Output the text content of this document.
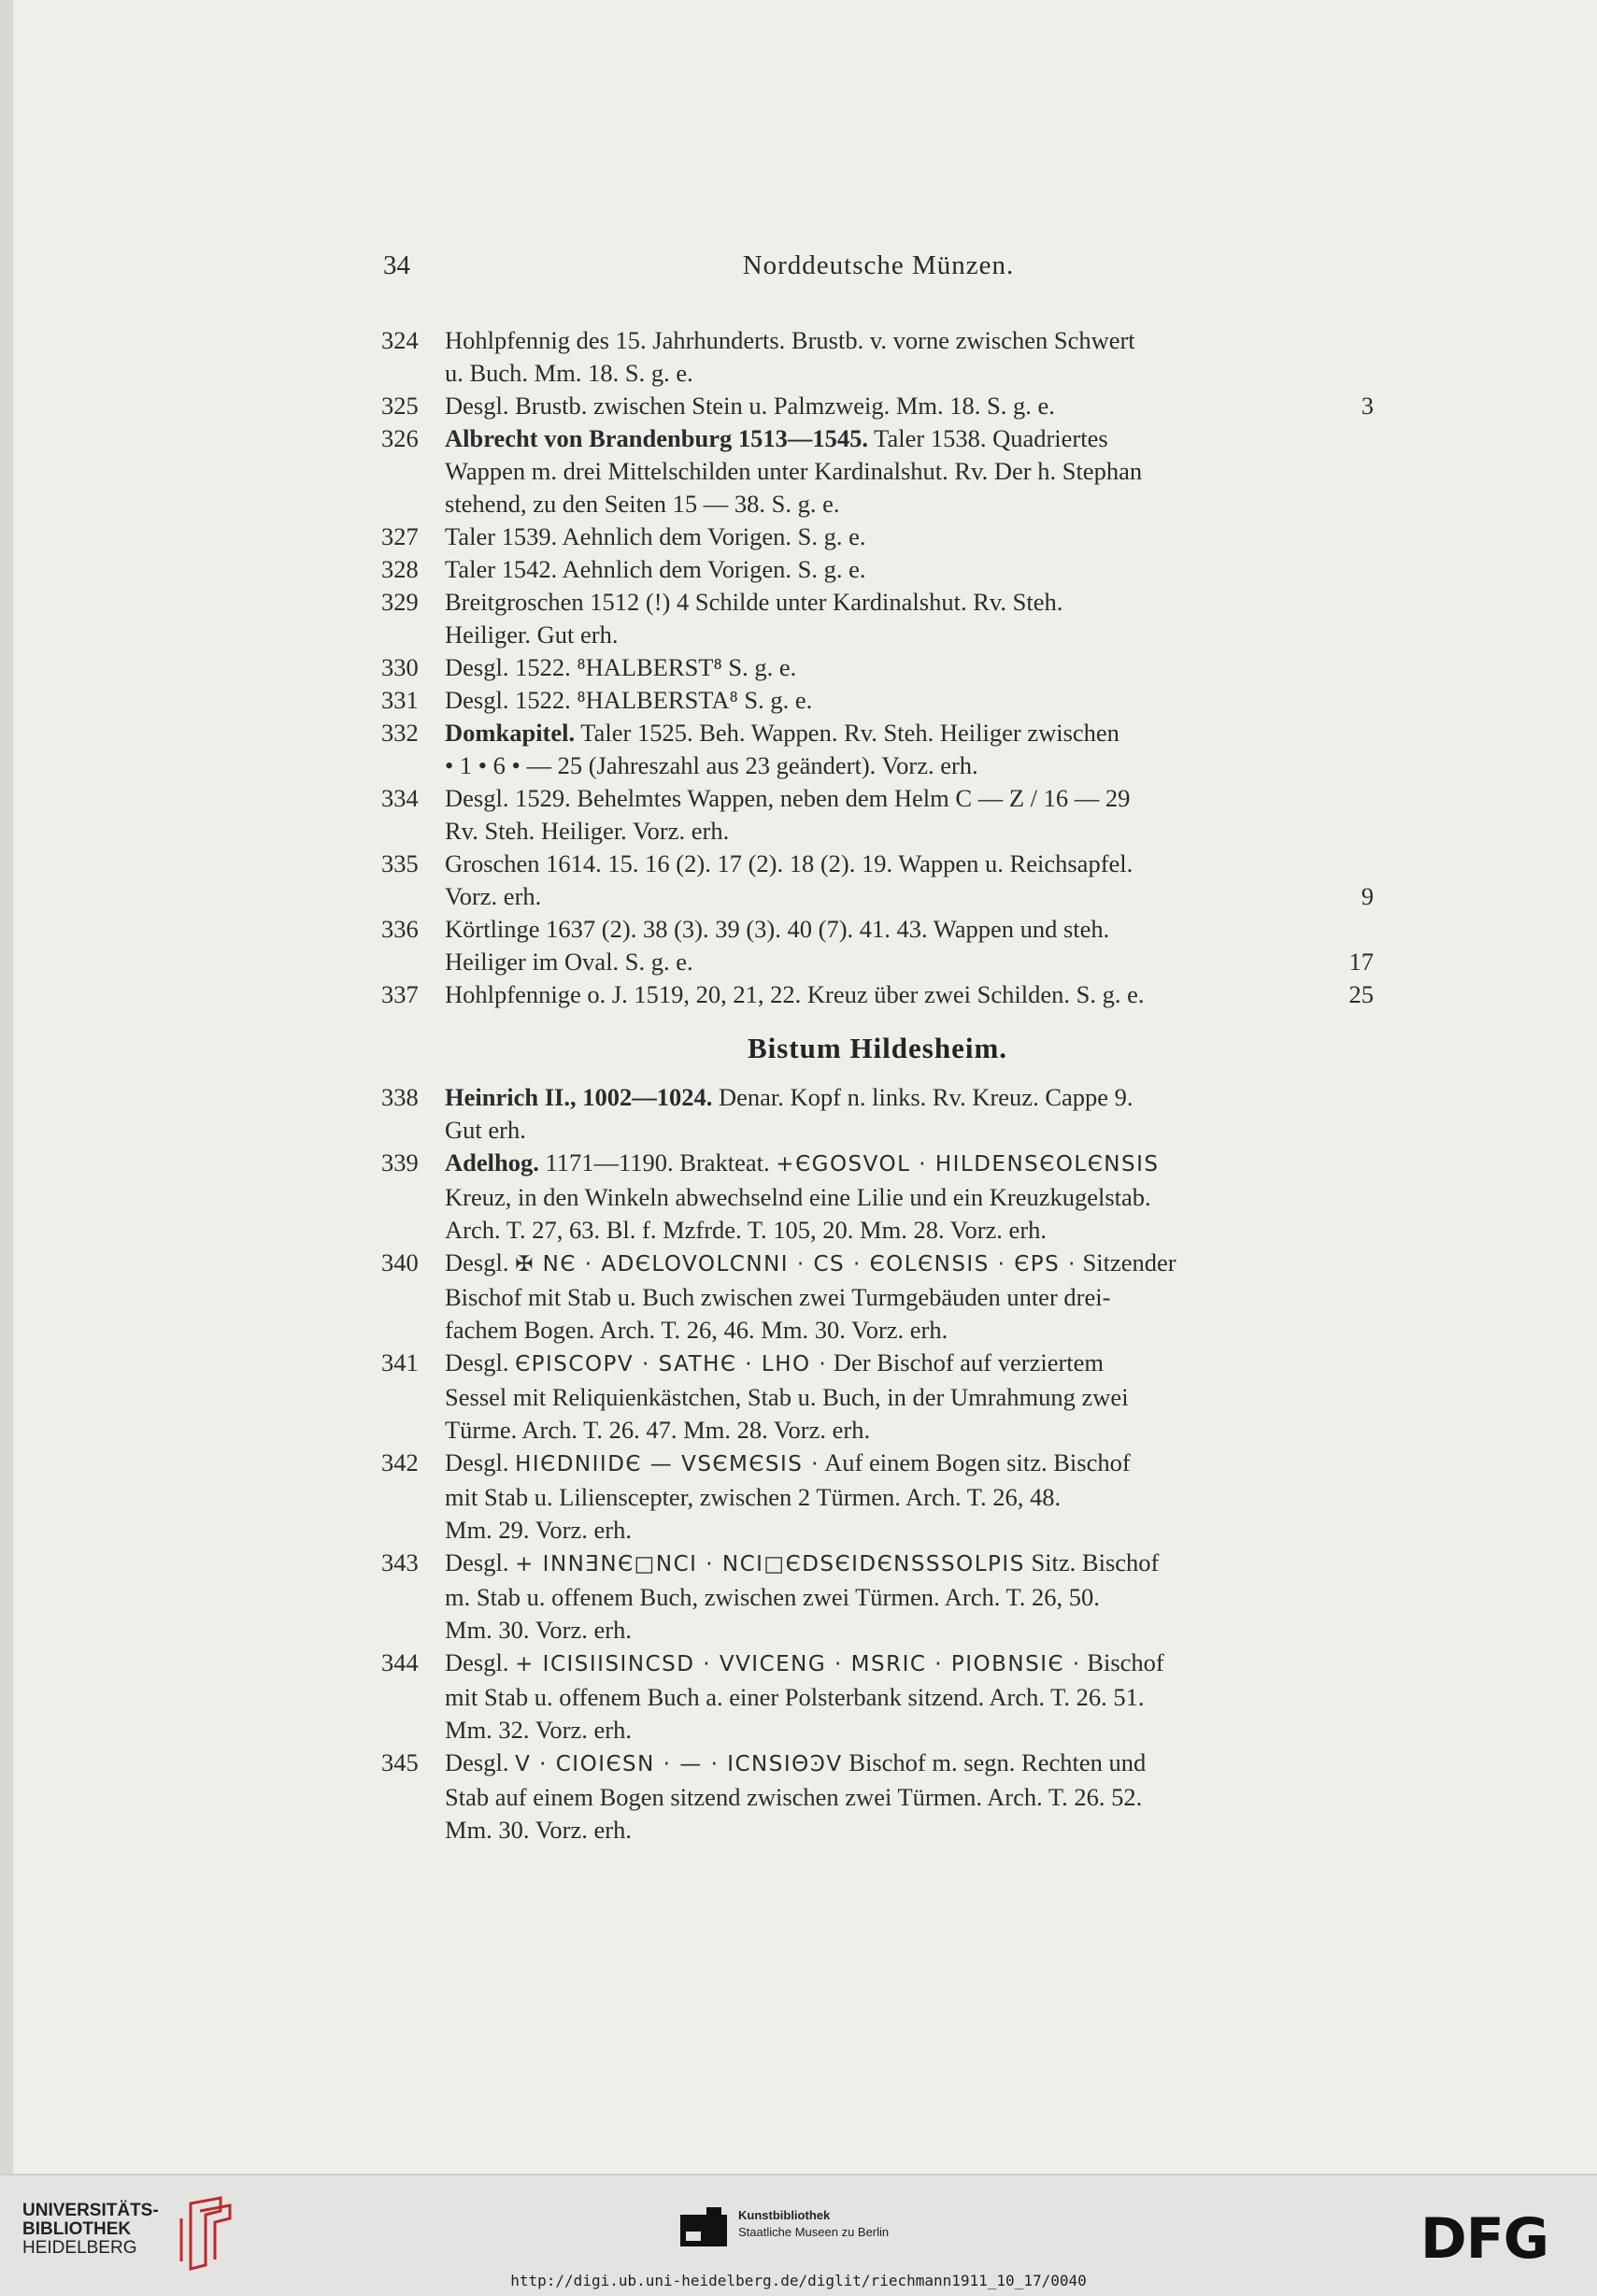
34	Norddeutsche Münzen.
324	Hohlpfennig des 15. Jahrhunderts. Brustb. v. vorne zwischen Schwert
u. Buch. Mm. 18. S. g. e.
325	Desgl. Brustb. zwischen Stein u. Palmzweig. Mm. 18. S. g. e.	3
326	Albrecht von Brandenburg 1513—1545. Taler 1538. Quadriertes
Wappen m. drei Mittelschilden unter Kardinalshut. Rv. Der h. Stephan
stehend, zu den Seiten 15 — 38. S. g. e.
327	Taler 1539. Aehnlich dem Vorigen. S. g. e.
328	Taler 1542. Aehnlich dem Vorigen. S. g. e.
329	Breitgroschen 1512 (!) 4 Schilde unter Kardinalshut. Rv. Steh.
Heiliger. Gut erh.
330	Desgl. 1522. ⁸HALBERST⁸ S. g. e.
331	Desgl. 1522. ⁸HALBERSTA⁸ S. g. e.
332	Domkapitel. Taler 1525. Beh. Wappen. Rv. Steh. Heiliger zwischen
• 1 • 6 • — 25 (Jahreszahl aus 23 geändert). Vorz. erh.
334	Desgl. 1529. Behelmtes Wappen, neben dem Helm C — Z / 16 — 29
Rv. Steh. Heiliger. Vorz. erh.
335	Groschen 1614. 15. 16 (2). 17 (2). 18 (2). 19. Wappen u. Reichsapfel.
Vorz. erh.	9
336	Körtlinge 1637 (2). 38 (3). 39 (3). 40 (7). 41. 43. Wappen und steh.
Heiliger im Oval. S. g. e.	17
337	Hohlpfennige o. J. 1519, 20, 21, 22. Kreuz über zwei Schilden. S. g. e.	25
Bistum Hildesheim.
338	Heinrich II., 1002—1024. Denar. Kopf n. links. Rv. Kreuz. Cappe 9.
Gut erh.
339	Adelhog. 1171—1190. Brakteat. +ЄGOSVOL · HILDENSЄOLЄNSIS
Kreuz, in den Winkeln abwechselnd eine Lilie und ein Kreuzkugelstab.
Arch. T. 27, 63. Bl. f. Mzfrde. T. 105, 20. Mm. 28. Vorz. erh.
340	Desgl. ✠ NЄ · ADЄLOVOLCNNI · CS · ЄOLЄNSIS · ЄPS · Sitzender
Bischof mit Stab u. Buch zwischen zwei Turmgebäuden unter drei-
fachem Bogen. Arch. T. 26, 46. Mm. 30. Vorz. erh.
341	Desgl. ЄPISCOPV · SATHЄ · LHO · Der Bischof auf verziertem
Sessel mit Reliquienkästchen, Stab u. Buch, in der Umrahmung zwei
Türme. Arch. T. 26. 47. Mm. 28. Vorz. erh.
342	Desgl. HIЄDNIIDЄ — VSЄMЄSIS · Auf einem Bogen sitz. Bischof
mit Stab u. Lilienscepter, zwischen 2 Türmen. Arch. T. 26, 48.
Mm. 29. Vorz. erh.
343	Desgl. + INNƎNЄ□NCI · NCI□ЄDSЄIDЄNSSSOLPIS Sitz. Bischof
m. Stab u. offenem Buch, zwischen zwei Türmen. Arch. T. 26, 50.
Mm. 30. Vorz. erh.
344	Desgl. + ICISIISINCSD · VVICENG · MSRIC · PIOBNSIЄ · Bischof
mit Stab u. offenem Buch a. einer Polsterbank sitzend. Arch. T. 26. 51.
Mm. 32. Vorz. erh.
345	Desgl. V · CIOIЄSN · — · ICNSIΘϿV Bischof m. segn. Rechten und
Stab auf einem Bogen sitzend zwischen zwei Türmen. Arch. T. 26. 52.
Mm. 30. Vorz. erh.
UNIVERSITÄTS-
BIBLIOTHEK
HEIDELBERG
Kunstbibliothek
Staatliche Museen zu Berlin	DFG
http://digi.ub.uni-heidelberg.de/diglit/riechmann1911_10_17/0040
